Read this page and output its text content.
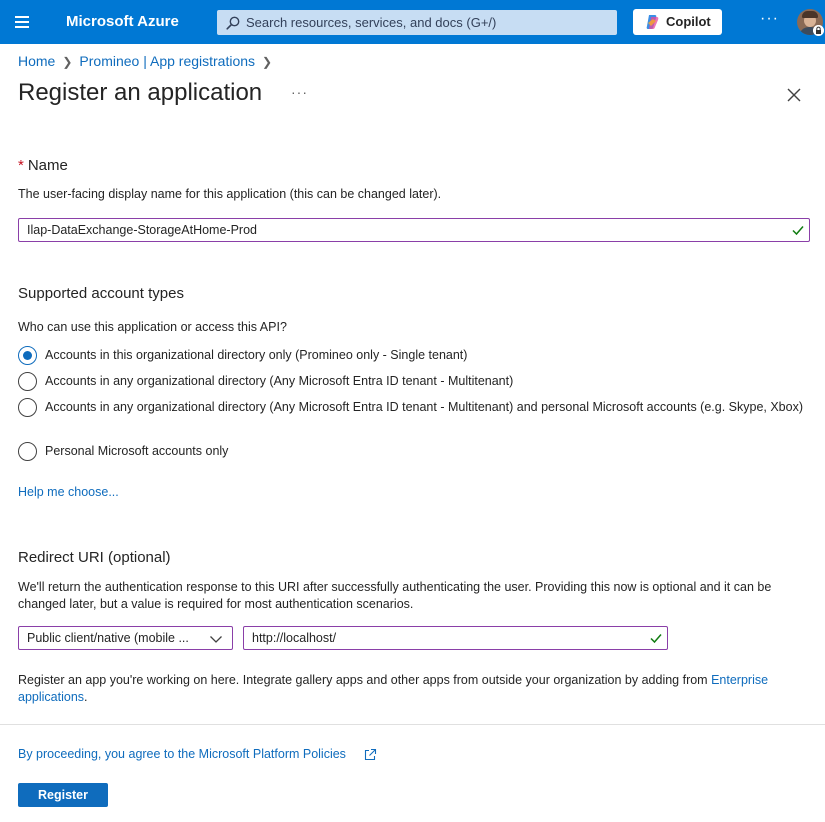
Microsoft Azure	Search resources, services, and docs (G+/)	Copilot	···
Home ❯ Promineo | App registrations ❯
Register an application ···
* Name
The user-facing display name for this application (this can be changed later).
Ilap-DataExchange-StorageAtHome-Prod
Supported account types
Who can use this application or access this API?
Accounts in this organizational directory only (Promineo only - Single tenant)
Accounts in any organizational directory (Any Microsoft Entra ID tenant - Multitenant)
Accounts in any organizational directory (Any Microsoft Entra ID tenant - Multitenant) and personal Microsoft accounts (e.g. Skype, Xbox)
Personal Microsoft accounts only
Help me choose...
Redirect URI (optional)
We'll return the authentication response to this URI after successfully authenticating the user. Providing this now is optional and it can be changed later, but a value is required for most authentication scenarios.
Public client/native (mobile ...	http://localhost/
Register an app you're working on here. Integrate gallery apps and other apps from outside your organization by adding from Enterprise applications.
By proceeding, you agree to the Microsoft Platform Policies
Register
